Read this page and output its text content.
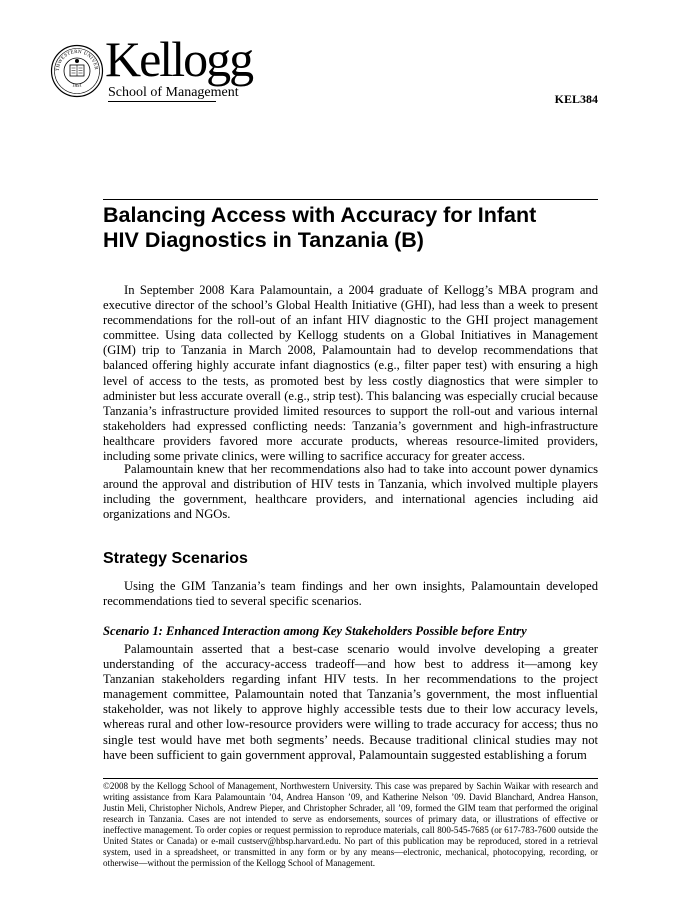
THWESTERN UNIVER
1851 Kellogg
School of Management	KEL384
Balancing Access with Accuracy for Infant
HIV Diagnostics in Tanzania (B)

In September 2008 Kara Palamountain, a 2004 graduate of Kellogg’s MBA program and executive director of the school’s Global Health Initiative (GHI), had less than a week to present recommendations for the roll-out of an infant HIV diagnostic to the GHI project management committee. Using data collected by Kellogg students on a Global Initiatives in Management (GIM) trip to Tanzania in March 2008, Palamountain had to develop recommendations that balanced offering highly accurate infant diagnostics (e.g., filter paper test) with ensuring a high level of access to the tests, as promoted best by less costly diagnostics that were simpler to administer but less accurate overall (e.g., strip test). This balancing was especially crucial because Tanzania’s infrastructure provided limited resources to support the roll-out and various internal stakeholders had expressed conflicting needs: Tanzania’s government and high-infrastructure healthcare providers favored more accurate products, whereas resource-limited providers, including some private clinics, were willing to sacrifice accuracy for greater access.

Palamountain knew that her recommendations also had to take into account power dynamics around the approval and distribution of HIV tests in Tanzania, which involved multiple players including the government, healthcare providers, and international agencies including aid organizations and NGOs.

Strategy Scenarios

Using the GIM Tanzania’s team findings and her own insights, Palamountain developed recommendations tied to several specific scenarios.

Scenario 1: Enhanced Interaction among Key Stakeholders Possible before Entry

Palamountain asserted that a best-case scenario would involve developing a greater understanding of the accuracy-access tradeoff—and how best to address it—among key Tanzanian stakeholders regarding infant HIV tests. In her recommendations to the project management committee, Palamountain noted that Tanzania’s government, the most influential stakeholder, was not likely to approve highly accessible tests due to their low accuracy levels, whereas rural and other low-resource providers were willing to trade accuracy for access; thus no single test would have met both segments’ needs. Because traditional clinical studies may not have been sufficient to gain government approval, Palamountain suggested establishing a forum

©2008 by the Kellogg School of Management, Northwestern University. This case was prepared by Sachin Waikar with research and writing assistance from Kara Palamountain ’04, Andrea Hanson ’09, and Katherine Nelson ’09. David Blanchard, Andrea Hanson, Justin Meli, Christopher Nichols, Andrew Pieper, and Christopher Schrader, all ’09, formed the GIM team that performed the original research in Tanzania. Cases are not intended to serve as endorsements, sources of primary data, or illustrations of effective or ineffective management. To order copies or request permission to reproduce materials, call 800-545-7685 (or 617-783-7600 outside the United States or Canada) or e-mail custserv@hbsp.harvard.edu. No part of this publication may be reproduced, stored in a retrieval system, used in a spreadsheet, or transmitted in any form or by any means—electronic, mechanical, photocopying, recording, or otherwise—without the permission of the Kellogg School of Management.
